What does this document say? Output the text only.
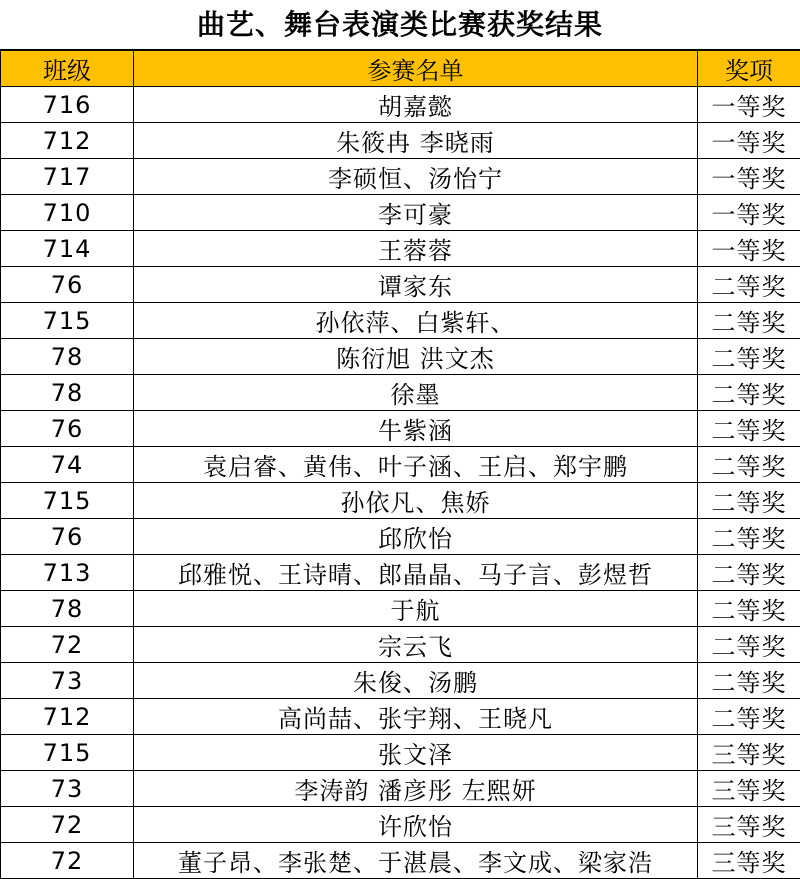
曲艺、舞台表演类比赛获奖结果
班级	参赛名单	奖项
716	胡嘉懿	一等奖
712	朱筱冉 李晓雨	一等奖
717	李硕恒、汤怡宁	一等奖
710	李可豪	一等奖
714	王蓉蓉	一等奖
76	谭家东	二等奖
715	孙依萍、白紫轩、	二等奖
78	陈衍旭 洪文杰	二等奖
78	徐墨	二等奖
76	牛紫涵	二等奖
74	袁启睿、黄伟、叶子涵、王启、郑宇鹏	二等奖
715	孙依凡、焦娇	二等奖
76	邱欣怡	二等奖
713	邱雅悦、王诗晴、郎晶晶、马子言、彭煜哲	二等奖
78	于航	二等奖
72	宗云飞	二等奖
73	朱俊、汤鹏	二等奖
712	高尚喆、张宇翔、王晓凡	二等奖
715	张文泽	三等奖
73	李涛韵 潘彦彤 左熙妍	三等奖
72	许欣怡	三等奖
72	董子昂、李张楚、于湛晨、李文成、梁家浩	三等奖
